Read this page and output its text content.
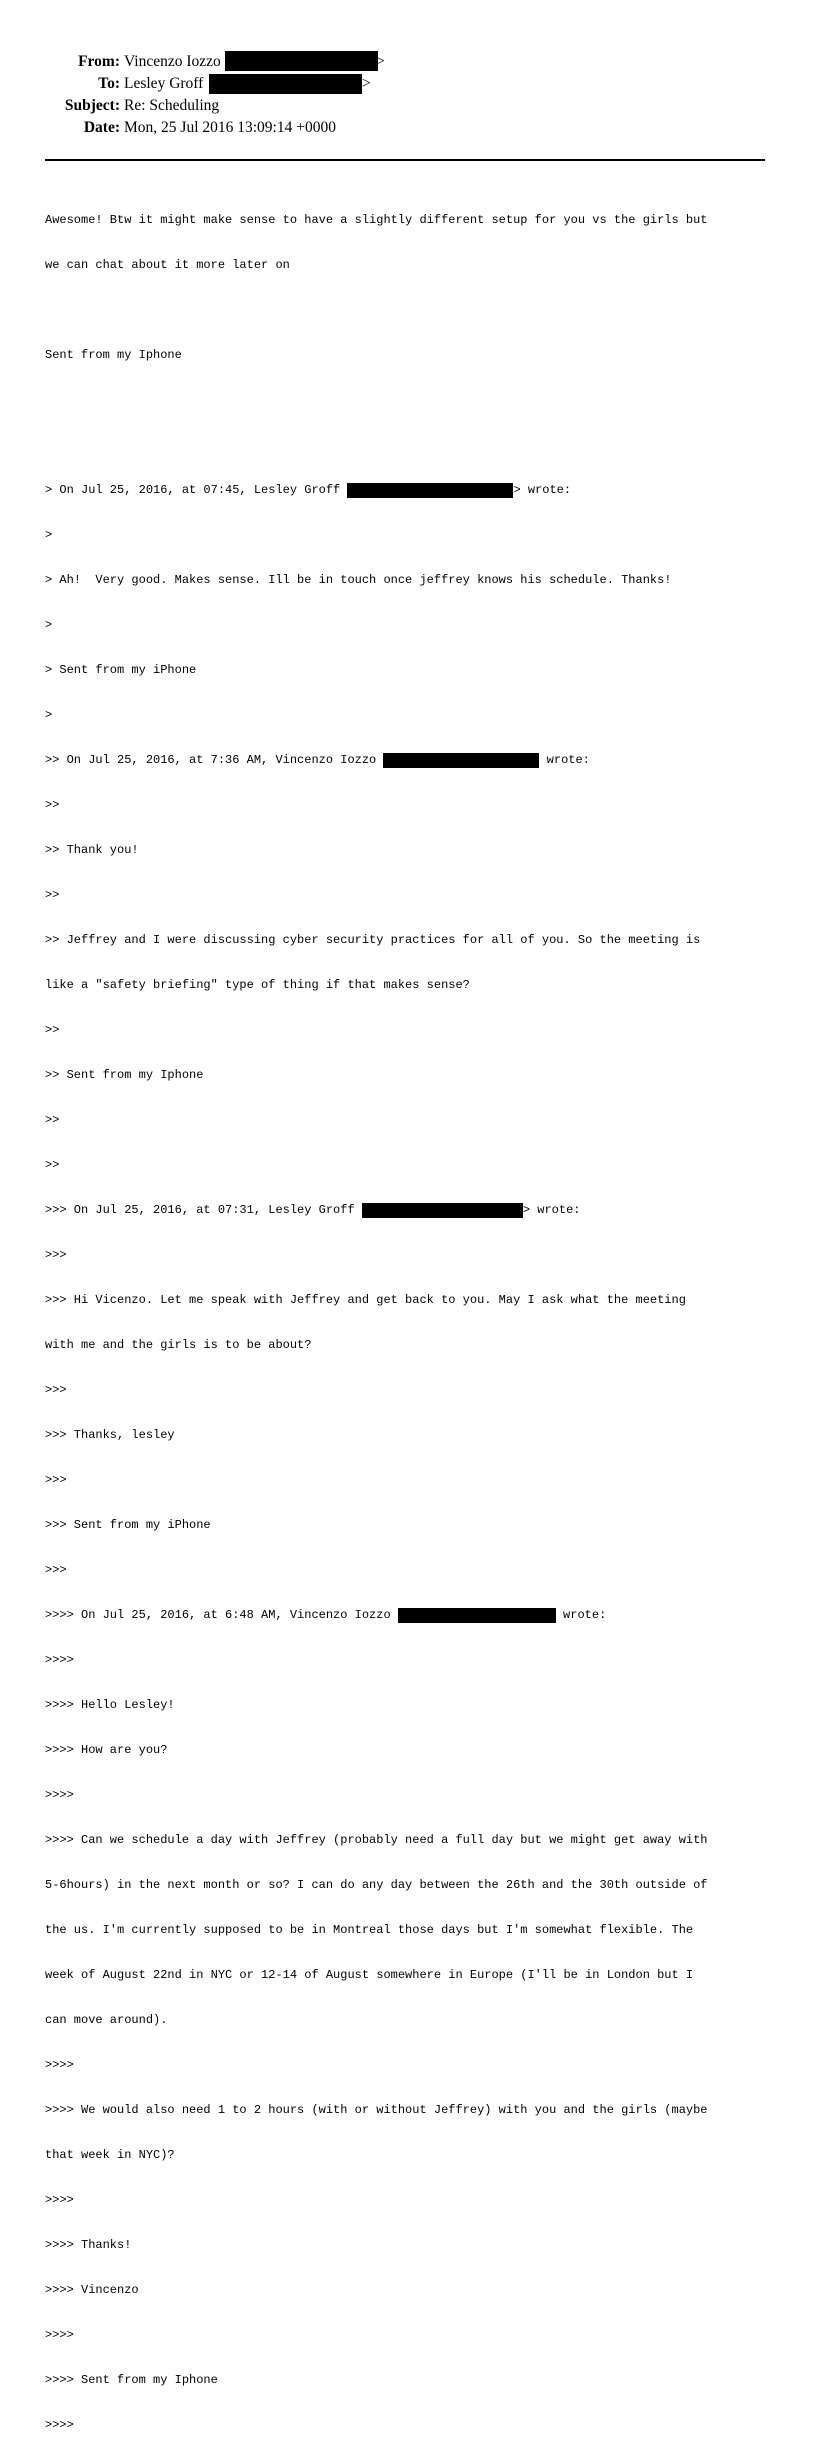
From: Vincenzo Iozzo	>
To: Lesley Groff	>
Subject: Re: Scheduling
Date: Mon, 25 Jul 2016 13:09:14 +0000

Awesome! Btw it might make sense to have a slightly different setup for you vs the girls but

we can chat about it more later on

Sent from my Iphone

> On Jul 25, 2016, at 07:45, Lesley Groff	> wrote:

>

> Ah!  Very good. Makes sense. Ill be in touch once jeffrey knows his schedule. Thanks!

>

> Sent from my iPhone

>

>> On Jul 25, 2016, at 7:36 AM, Vincenzo Iozzo	wrote:

>>

>> Thank you!

>>

>> Jeffrey and I were discussing cyber security practices for all of you. So the meeting is

like a "safety briefing" type of thing if that makes sense?

>>

>> Sent from my Iphone

>>

>>

>>> On Jul 25, 2016, at 07:31, Lesley Groff	> wrote:

>>>

>>> Hi Vicenzo. Let me speak with Jeffrey and get back to you. May I ask what the meeting

with me and the girls is to be about?

>>>

>>> Thanks, lesley

>>>

>>> Sent from my iPhone

>>>

>>>> On Jul 25, 2016, at 6:48 AM, Vincenzo Iozzo	wrote:

>>>>

>>>> Hello Lesley!

>>>> How are you?

>>>>

>>>> Can we schedule a day with Jeffrey (probably need a full day but we might get away with

5-6hours) in the next month or so? I can do any day between the 26th and the 30th outside of

the us. I'm currently supposed to be in Montreal those days but I'm somewhat flexible. The

week of August 22nd in NYC or 12-14 of August somewhere in Europe (I'll be in London but I

can move around).

>>>>

>>>> We would also need 1 to 2 hours (with or without Jeffrey) with you and the girls (maybe

that week in NYC)?

>>>>

>>>> Thanks!

>>>> Vincenzo

>>>>

>>>> Sent from my Iphone

>>>>
